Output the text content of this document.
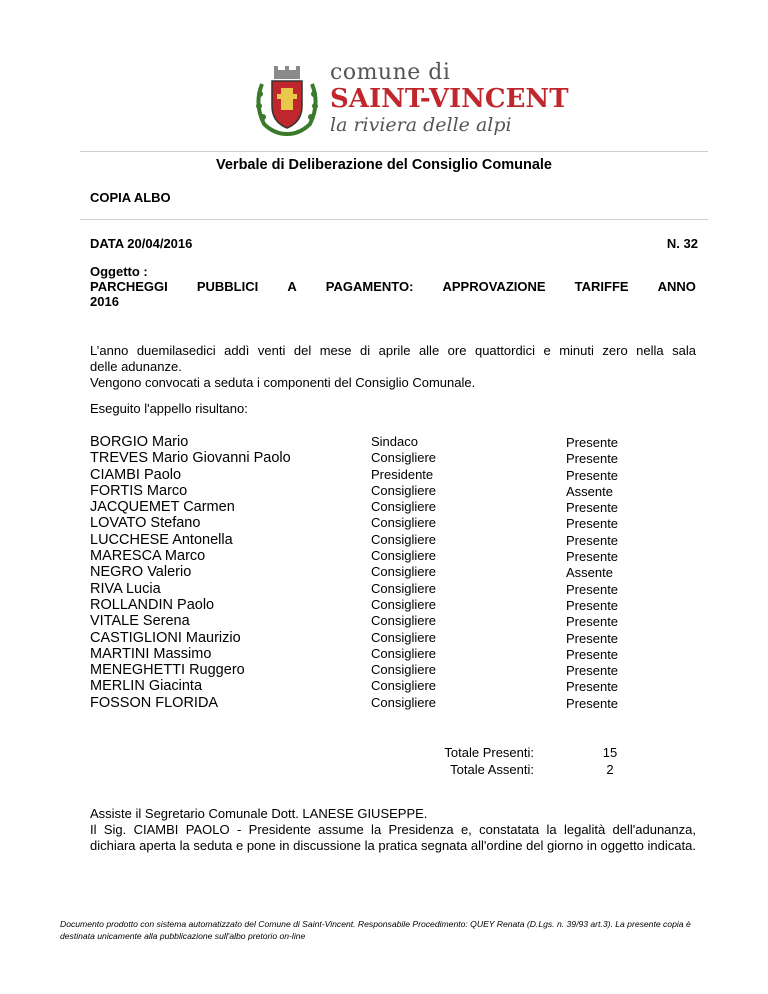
comune di
SAINT-VINCENT
la riviera delle alpi
Verbale di Deliberazione del Consiglio Comunale
COPIA ALBO
DATA 20/04/2016	N. 32
Oggetto :
PARCHEGGI PUBBLICI A PAGAMENTO: APPROVAZIONE TARIFFE ANNO
2016
L’anno duemilasedici addì venti del mese di aprile alle ore quattordici e minuti zero nella sala
delle adunanze.
Vengono convocati a seduta i componenti del Consiglio Comunale.
Eseguito l'appello risultano:
BORGIO Mario	Sindaco	Presente
TREVES Mario Giovanni Paolo	Consigliere	Presente
CIAMBI Paolo	Presidente	Presente
FORTIS Marco	Consigliere	Assente
JACQUEMET Carmen	Consigliere	Presente
LOVATO Stefano	Consigliere	Presente
LUCCHESE Antonella	Consigliere	Presente
MARESCA Marco	Consigliere	Presente
NEGRO Valerio	Consigliere	Assente
RIVA Lucia	Consigliere	Presente
ROLLANDIN Paolo	Consigliere	Presente
VITALE Serena	Consigliere	Presente
CASTIGLIONI Maurizio	Consigliere	Presente
MARTINI Massimo	Consigliere	Presente
MENEGHETTI Ruggero	Consigliere	Presente
MERLIN Giacinta	Consigliere	Presente
FOSSON FLORIDA	Consigliere	Presente
Totale Presenti:	15
Totale Assenti:	2
Assiste il Segretario Comunale Dott. LANESE GIUSEPPE.
Il Sig. CIAMBI PAOLO - Presidente assume la Presidenza e, constatata la legalità dell'adunanza, dichiara aperta la seduta e pone in discussione la pratica segnata all'ordine del giorno in oggetto indicata.
Documento prodotto con sistema automatizzato del Comune di Saint-Vincent. Responsabile Procedimento: QUEY Renata (D.Lgs. n. 39/93 art.3). La presente copia è destinata unicamente alla pubblicazione sull'albo pretorio on-line
